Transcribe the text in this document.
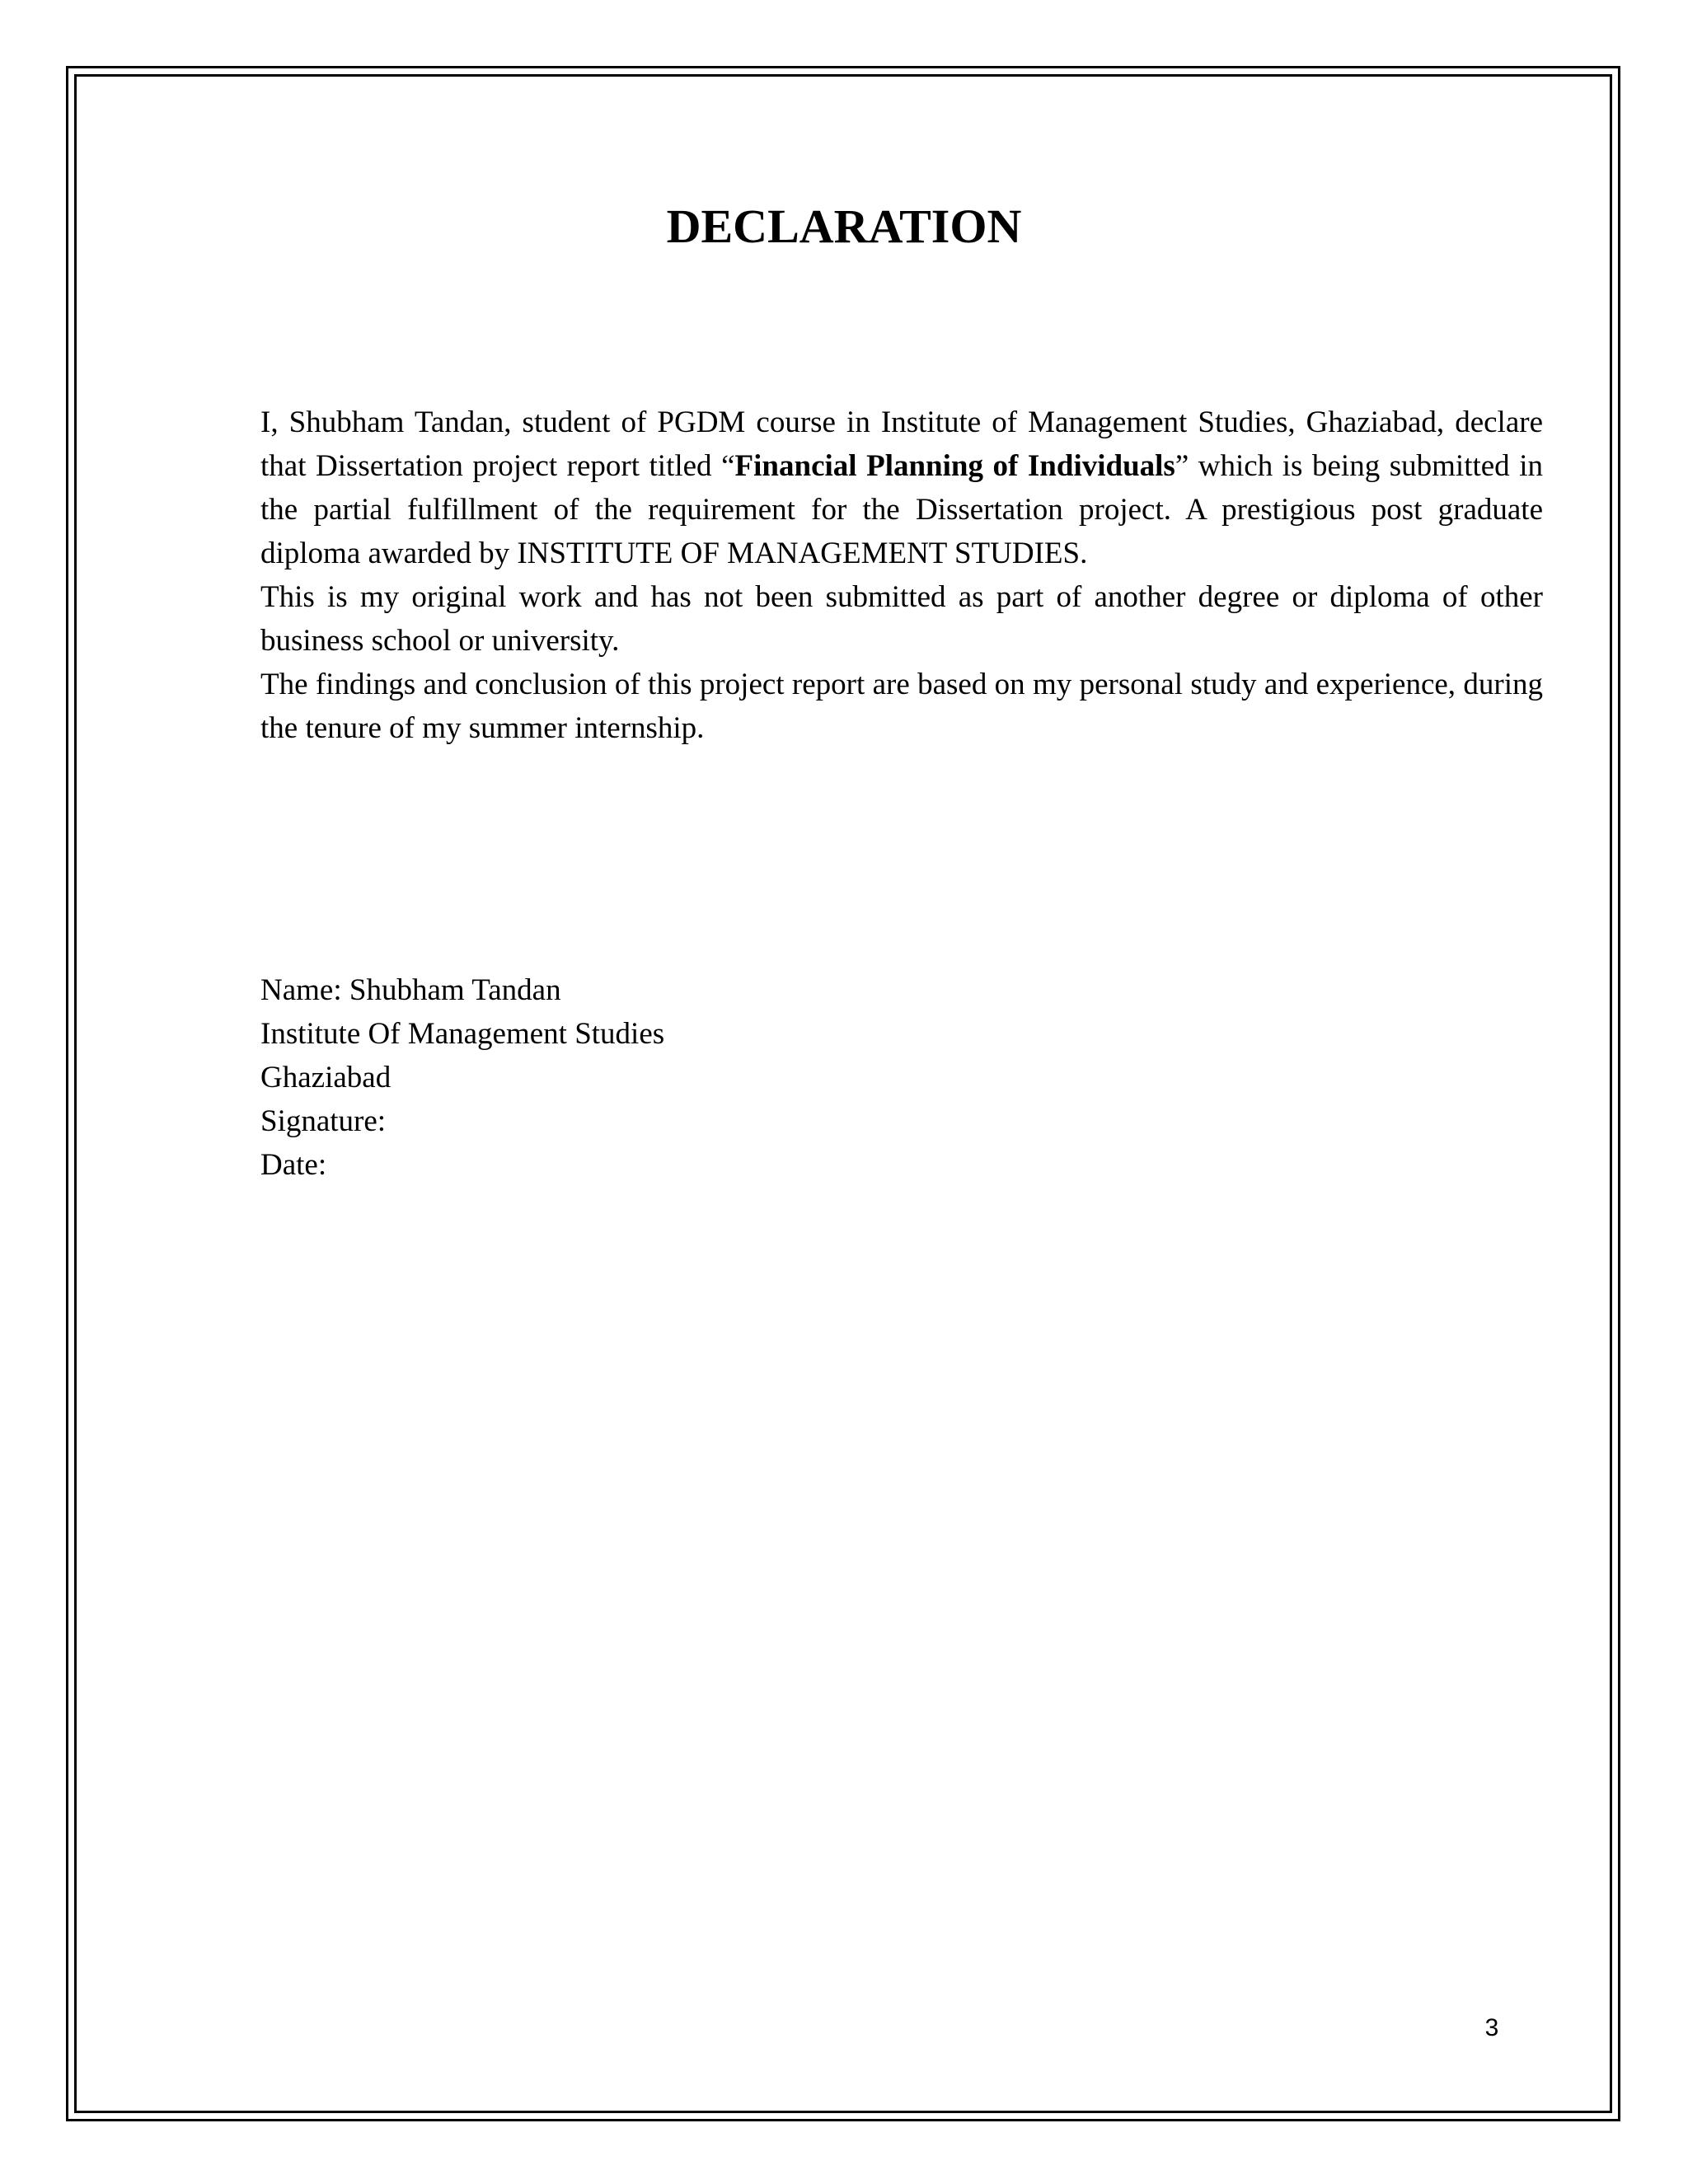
DECLARATION

I, Shubham Tandan, student of PGDM course in Institute of Management Studies, Ghaziabad, declare that Dissertation project report titled “Financial Planning of Individuals” which is being submitted in the partial fulfillment of the requirement for the Dissertation project. A prestigious post graduate diploma awarded by INSTITUTE OF MANAGEMENT STUDIES.

This is my original work and has not been submitted as part of another degree or diploma of other business school or university.

The findings and conclusion of this project report are based on my personal study and experience, during the tenure of my summer internship.

Name: Shubham Tandan
Institute Of Management Studies
Ghaziabad
Signature:
Date:
3
